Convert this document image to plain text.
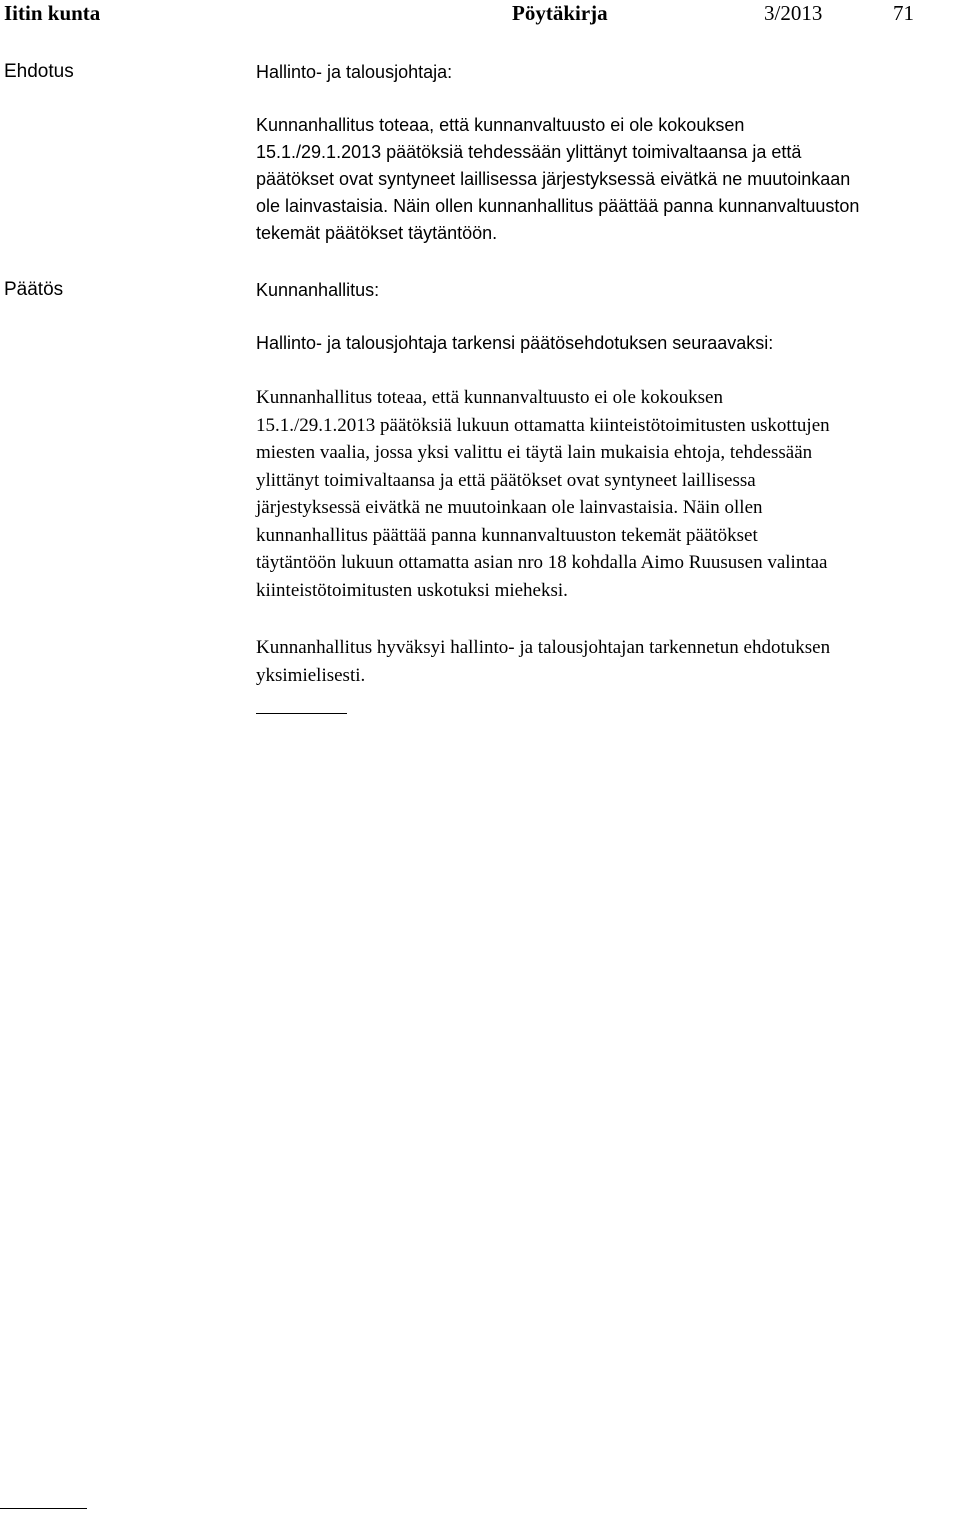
Iitin kunta	Pöytäkirja	3/2013	71
Ehdotus	Hallinto- ja talousjohtaja:

Kunnanhallitus toteaa, että kunnanvaltuusto ei ole kokouksen
15.1./29.1.2013 päätöksiä tehdessään ylittänyt toimivaltaansa ja että
päätökset ovat syntyneet laillisessa järjestyksessä eivätkä ne muutoinkaan
ole lainvastaisia. Näin ollen kunnanhallitus päättää panna kunnanvaltuuston
tekemät päätökset täytäntöön.

Päätös	Kunnanhallitus:

Hallinto- ja talousjohtaja tarkensi päätösehdotuksen seuraavaksi:

Kunnanhallitus toteaa, että kunnanvaltuusto ei ole kokouksen
15.1./29.1.2013 päätöksiä lukuun ottamatta kiinteistötoimitusten uskottujen
miesten vaalia, jossa yksi valittu ei täytä lain mukaisia ehtoja, tehdessään
ylittänyt toimivaltaansa ja että päätökset ovat syntyneet laillisessa
järjestyksessä eivätkä ne muutoinkaan ole lainvastaisia. Näin ollen
kunnanhallitus päättää panna kunnanvaltuuston tekemät päätökset
täytäntöön lukuun ottamatta asian nro 18 kohdalla Aimo Ruususen valintaa
kiinteistötoimitusten uskotuksi mieheksi.

Kunnanhallitus hyväksyi hallinto- ja talousjohtajan tarkennetun ehdotuksen
yksimielisesti.
